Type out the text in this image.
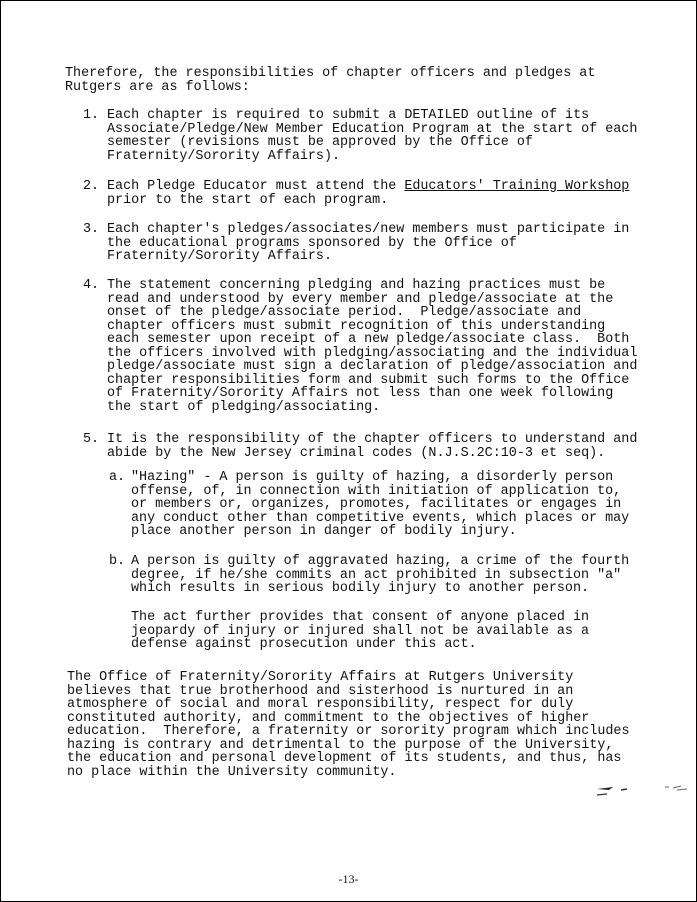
Therefore, the responsibilities of chapter officers and pledges at
Rutgers are as follows:

1. Each chapter is required to submit a DETAILED outline of its
Associate/Pledge/New Member Education Program at the start of each
semester (revisions must be approved by the Office of
Fraternity/Sorority Affairs).
2. Each Pledge Educator must attend the Educators' Training Workshop
prior to the start of each program.
3. Each chapter's pledges/associates/new members must participate in
the educational programs sponsored by the Office of
Fraternity/Sorority Affairs.
4. The statement concerning pledging and hazing practices must be
read and understood by every member and pledge/associate at the
onset of the pledge/associate period.  Pledge/associate and
chapter officers must submit recognition of this understanding
each semester upon receipt of a new pledge/associate class.  Both
the officers involved with pledging/associating and the individual
pledge/associate must sign a declaration of pledge/association and
chapter responsibilities form and submit such forms to the Office
of Fraternity/Sorority Affairs not less than one week following
the start of pledging/associating.
5. It is the responsibility of the chapter officers to understand and
abide by the New Jersey criminal codes (N.J.S.2C:10-3 et seq).
a. "Hazing" - A person is guilty of hazing, a disorderly person
offense, of, in connection with initiation of application to,
or members or, organizes, promotes, facilitates or engages in
any conduct other than competitive events, which places or may
place another person in danger of bodily injury.
b. A person is guilty of aggravated hazing, a crime of the fourth
degree, if he/she commits an act prohibited in subsection "a"
which results in serious bodily injury to another person.
The act further provides that consent of anyone placed in
jeopardy of injury or injured shall not be available as a
defense against prosecution under this act.

The Office of Fraternity/Sorority Affairs at Rutgers University
believes that true brotherhood and sisterhood is nurtured in an
atmosphere of social and moral responsibility, respect for duly
constituted authority, and commitment to the objectives of higher
education.  Therefore, a fraternity or sorority program which includes
hazing is contrary and detrimental to the purpose of the University,
the education and personal development of its students, and thus, has
no place within the University community.

-13-
